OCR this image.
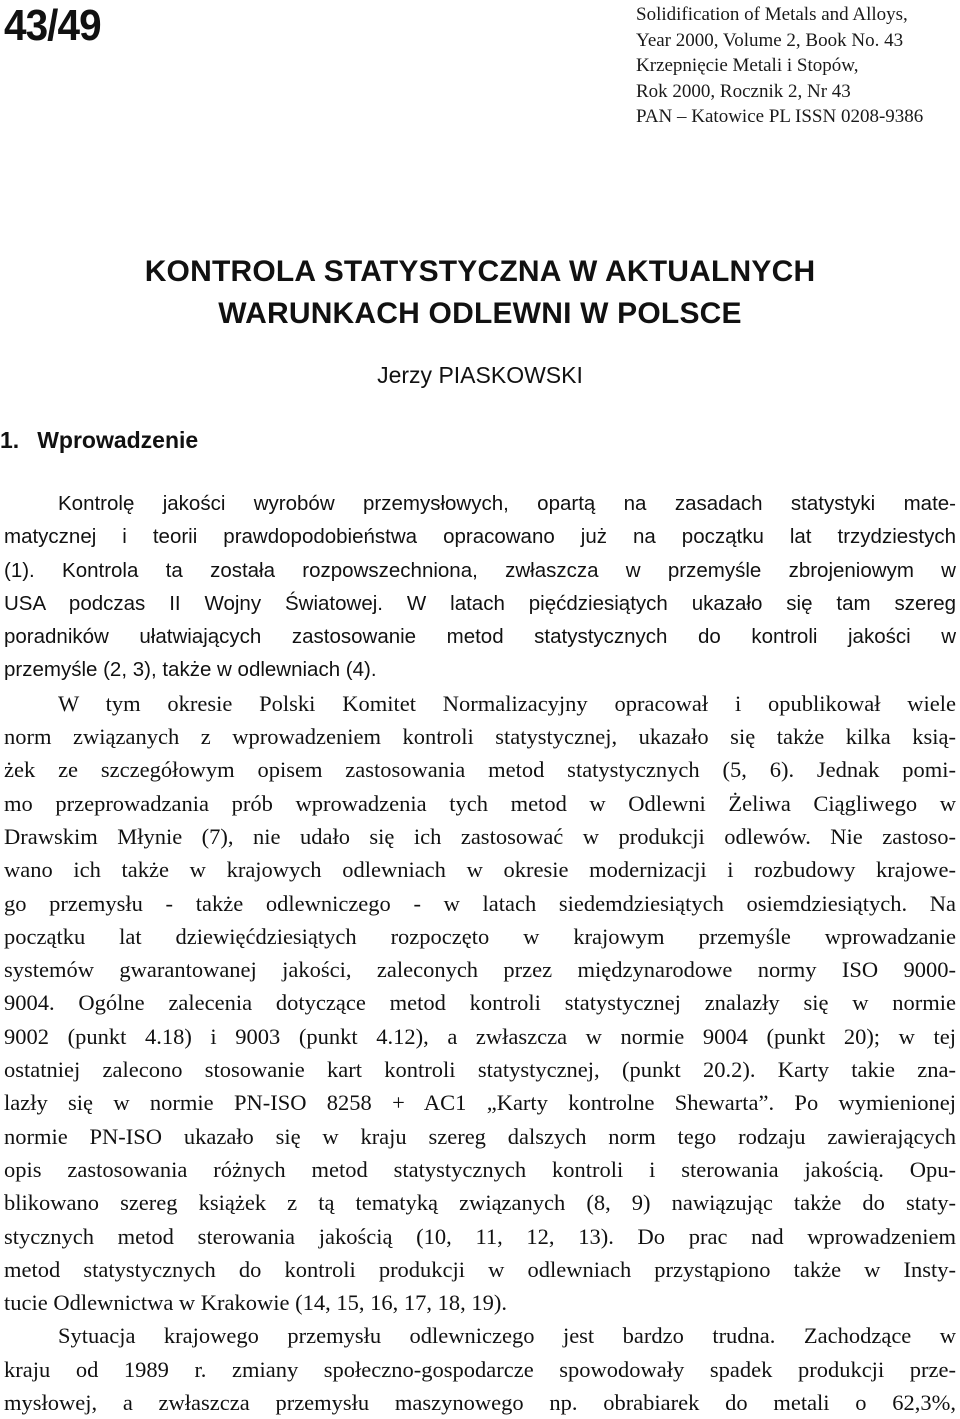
43/49	Solidification of Metals and Alloys,
Year 2000, Volume 2, Book No. 43
Krzepnięcie Metali i Stopów,
Rok 2000, Rocznik 2, Nr 43
PAN – Katowice PL ISSN 0208-9386
KONTROLA STATYSTYCZNA W AKTUALNYCH
WARUNKACH ODLEWNI W POLSCE
Jerzy PIASKOWSKI
1. Wprowadzenie
Kontrolę jakości wyrobów przemysłowych, opartą na zasadach statystyki mate-
matycznej i teorii prawdopodobieństwa opracowano już na początku lat trzydziestych
(1). Kontrola ta została rozpowszechniona, zwłaszcza w przemyśle zbrojeniowym w
USA podczas II Wojny Światowej. W latach pięćdziesiątych ukazało się tam szereg
poradników ułatwiających zastosowanie metod statystycznych do kontroli jakości w
przemyśle (2, 3), także w odlewniach (4).
W tym okresie Polski Komitet Normalizacyjny opracował i opublikował wiele
norm związanych z wprowadzeniem kontroli statystycznej, ukazało się także kilka ksią-
żek ze szczegółowym opisem zastosowania metod statystycznych (5, 6). Jednak pomi-
mo przeprowadzania prób wprowadzenia tych metod w Odlewni Żeliwa Ciągliwego w
Drawskim Młynie (7), nie udało się ich zastosować w produkcji odlewów. Nie zastoso-
wano ich także w krajowych odlewniach w okresie modernizacji i rozbudowy krajowe-
go przemysłu - także odlewniczego - w latach siedemdziesiątych osiemdziesiątych. Na
początku lat dziewięćdziesiątych rozpoczęto w krajowym przemyśle wprowadzanie
systemów gwarantowanej jakości, zaleconych przez międzynarodowe normy ISO 9000-
9004. Ogólne zalecenia dotyczące metod kontroli statystycznej znalazły się w normie
9002 (punkt 4.18) i 9003 (punkt 4.12), a zwłaszcza w normie 9004 (punkt 20); w tej
ostatniej zalecono stosowanie kart kontroli statystycznej, (punkt 20.2). Karty takie zna-
lazły się w normie PN-ISO 8258 + AC1 „Karty kontrolne Shewarta”. Po wymienionej
normie PN-ISO ukazało się w kraju szereg dalszych norm tego rodzaju zawierających
opis zastosowania różnych metod statystycznych kontroli i sterowania jakością. Opu-
blikowano szereg książek z tą tematyką związanych (8, 9) nawiązując także do staty-
stycznych metod sterowania jakością (10, 11, 12, 13). Do prac nad wprowadzeniem
metod statystycznych do kontroli produkcji w odlewniach przystąpiono także w Insty-
tucie Odlewnictwa w Krakowie (14, 15, 16, 17, 18, 19).
Sytuacja krajowego przemysłu odlewniczego jest bardzo trudna. Zachodzące w
kraju od 1989 r. zmiany społeczno-gospodarcze spowodowały spadek produkcji prze-
mysłowej, a zwłaszcza przemysłu maszynowego np. obrabiarek do metali o 62,3%,
